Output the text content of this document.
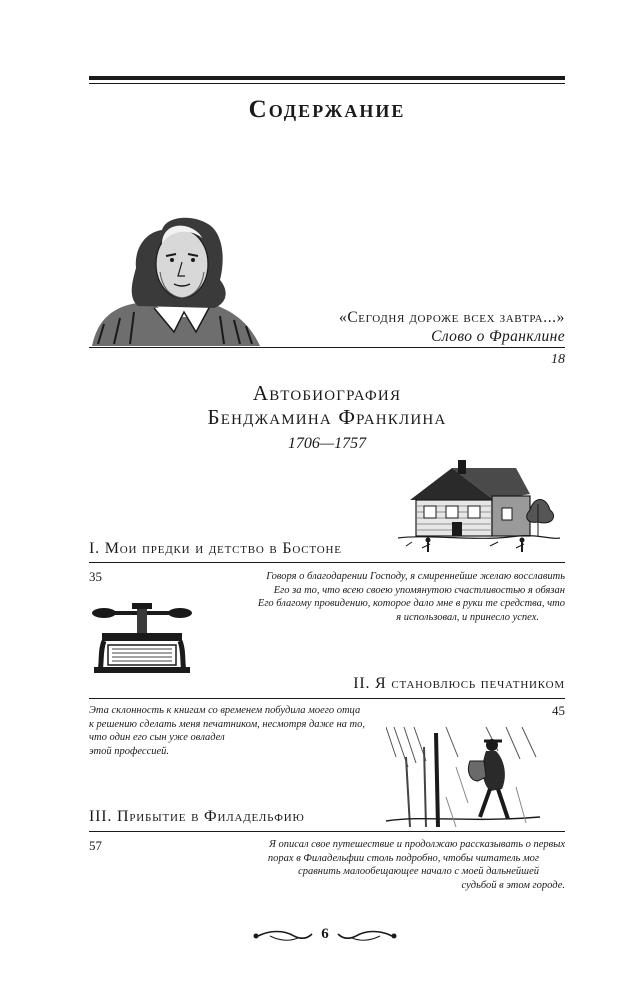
Содержание
«Сегодня дороже всех завтра...»
Слово о Франклине
18
Автобиография
Бенджамина Франклина
1706—1757
I. Мои предки и детство в Бостоне
35	Говоря о благодарении Господу, я смиреннейше желаю восславить
Его за то, что всею своею упомянутою счастливостью я обязан
Его благому провидению, которое дало мне в руки те средства, что
я использовал, и принесло успех.
II. Я становлюсь печатником
Эта склонность к книгам со временем побудила моего отца
к решению сделать меня печатником, несмотря даже на то,
что один его сын уже овладел
этой профессией.
45
III. Прибытие в Филадельфию
57	Я описал свое путешествие и продолжаю рассказывать о первых
порах в Филадельфии столь подробно, чтобы читатель мог
сравнить малообещающее начало с моей дальнейшей
судьбой в этом городе.
6
